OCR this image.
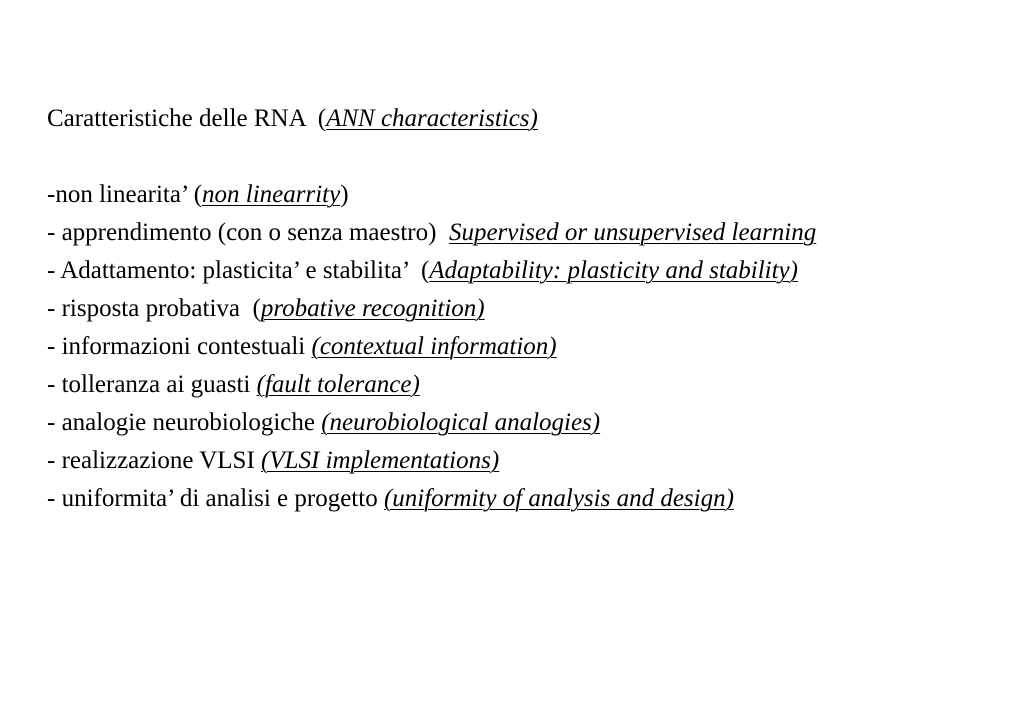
Caratteristiche delle RNA  (ANN characteristics)
-non linearita’ (non linearrity)
- apprendimento (con o senza maestro)  Supervised or unsupervised learning
- Adattamento: plasticita’ e stabilita’  (Adaptability: plasticity and stability)
- risposta probativa  (probative recognition)
- informazioni contestuali (contextual information)
- tolleranza ai guasti (fault tolerance)
- analogie neurobiologiche (neurobiological analogies)
- realizzazione VLSI (VLSI implementations)
- uniformita’ di analisi e progetto (uniformity of analysis and design)
